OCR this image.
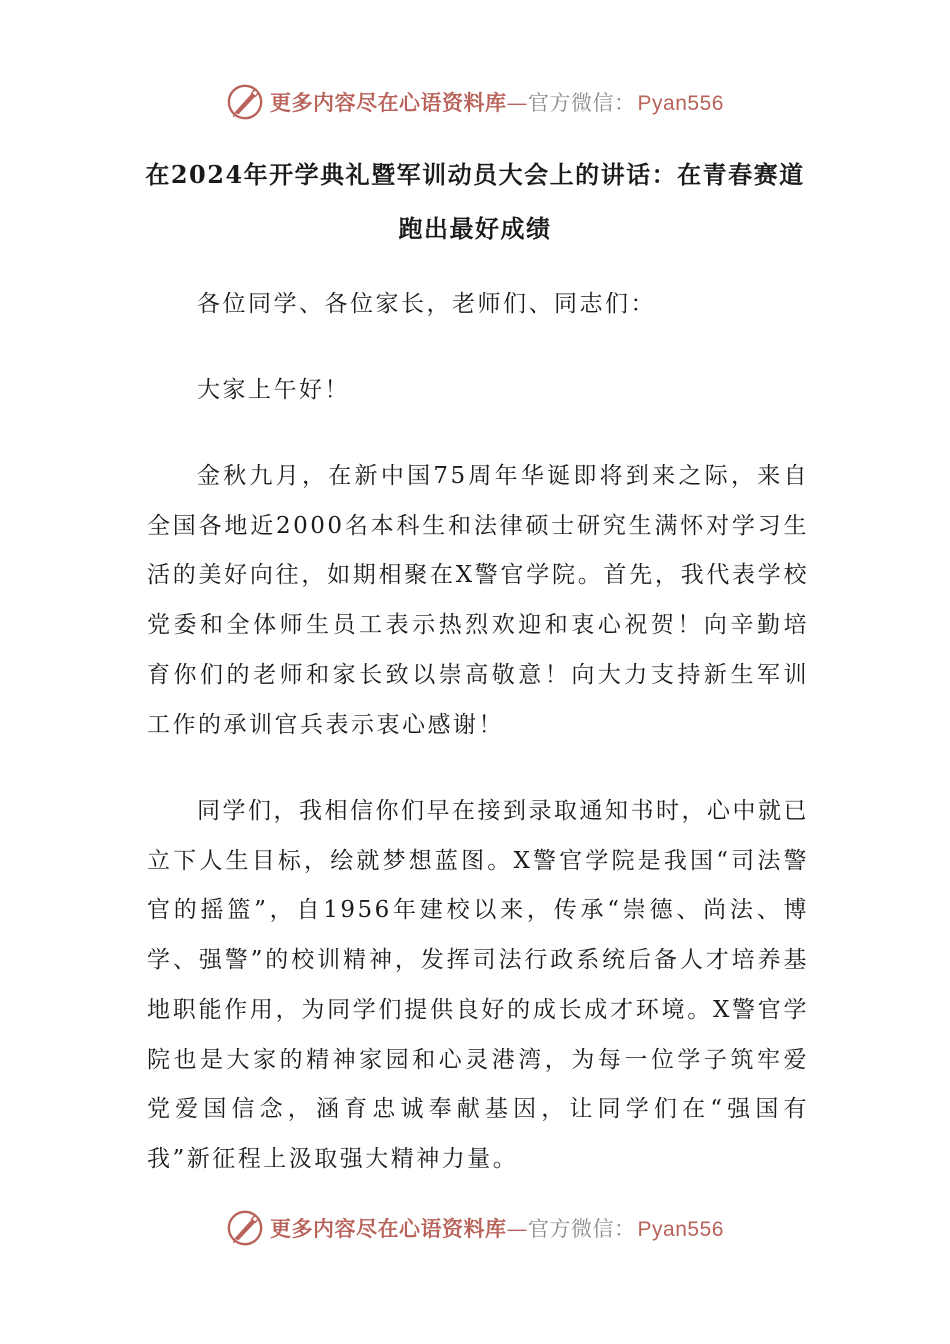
更多内容尽在心语资料库—官方微信：Pyan556
在2024年开学典礼暨军训动员大会上的讲话：在青春赛道跑出最好成绩

各位同学、各位家长，老师们、同志们：

大家上午好！

金秋九月，在新中国75周年华诞即将到来之际，来自全国各地近2000名本科生和法律硕士研究生满怀对学习生活的美好向往，如期相聚在X警官学院。首先，我代表学校党委和全体师生员工表示热烈欢迎和衷心祝贺！向辛勤培育你们的老师和家长致以崇高敬意！向大力支持新生军训工作的承训官兵表示衷心感谢！

同学们，我相信你们早在接到录取通知书时，心中就已立下人生目标，绘就梦想蓝图。X警官学院是我国“司法警官的摇篮”，自1956年建校以来，传承“崇德、尚法、博学、强警”的校训精神，发挥司法行政系统后备人才培养基地职能作用，为同学们提供良好的成长成才环境。X警官学院也是大家的精神家园和心灵港湾，为每一位学子筑牢爱党爱国信念，涵育忠诚奉献基因，让同学们在“强国有我”新征程上汲取强大精神力量。

更多内容尽在心语资料库—官方微信：Pyan556
